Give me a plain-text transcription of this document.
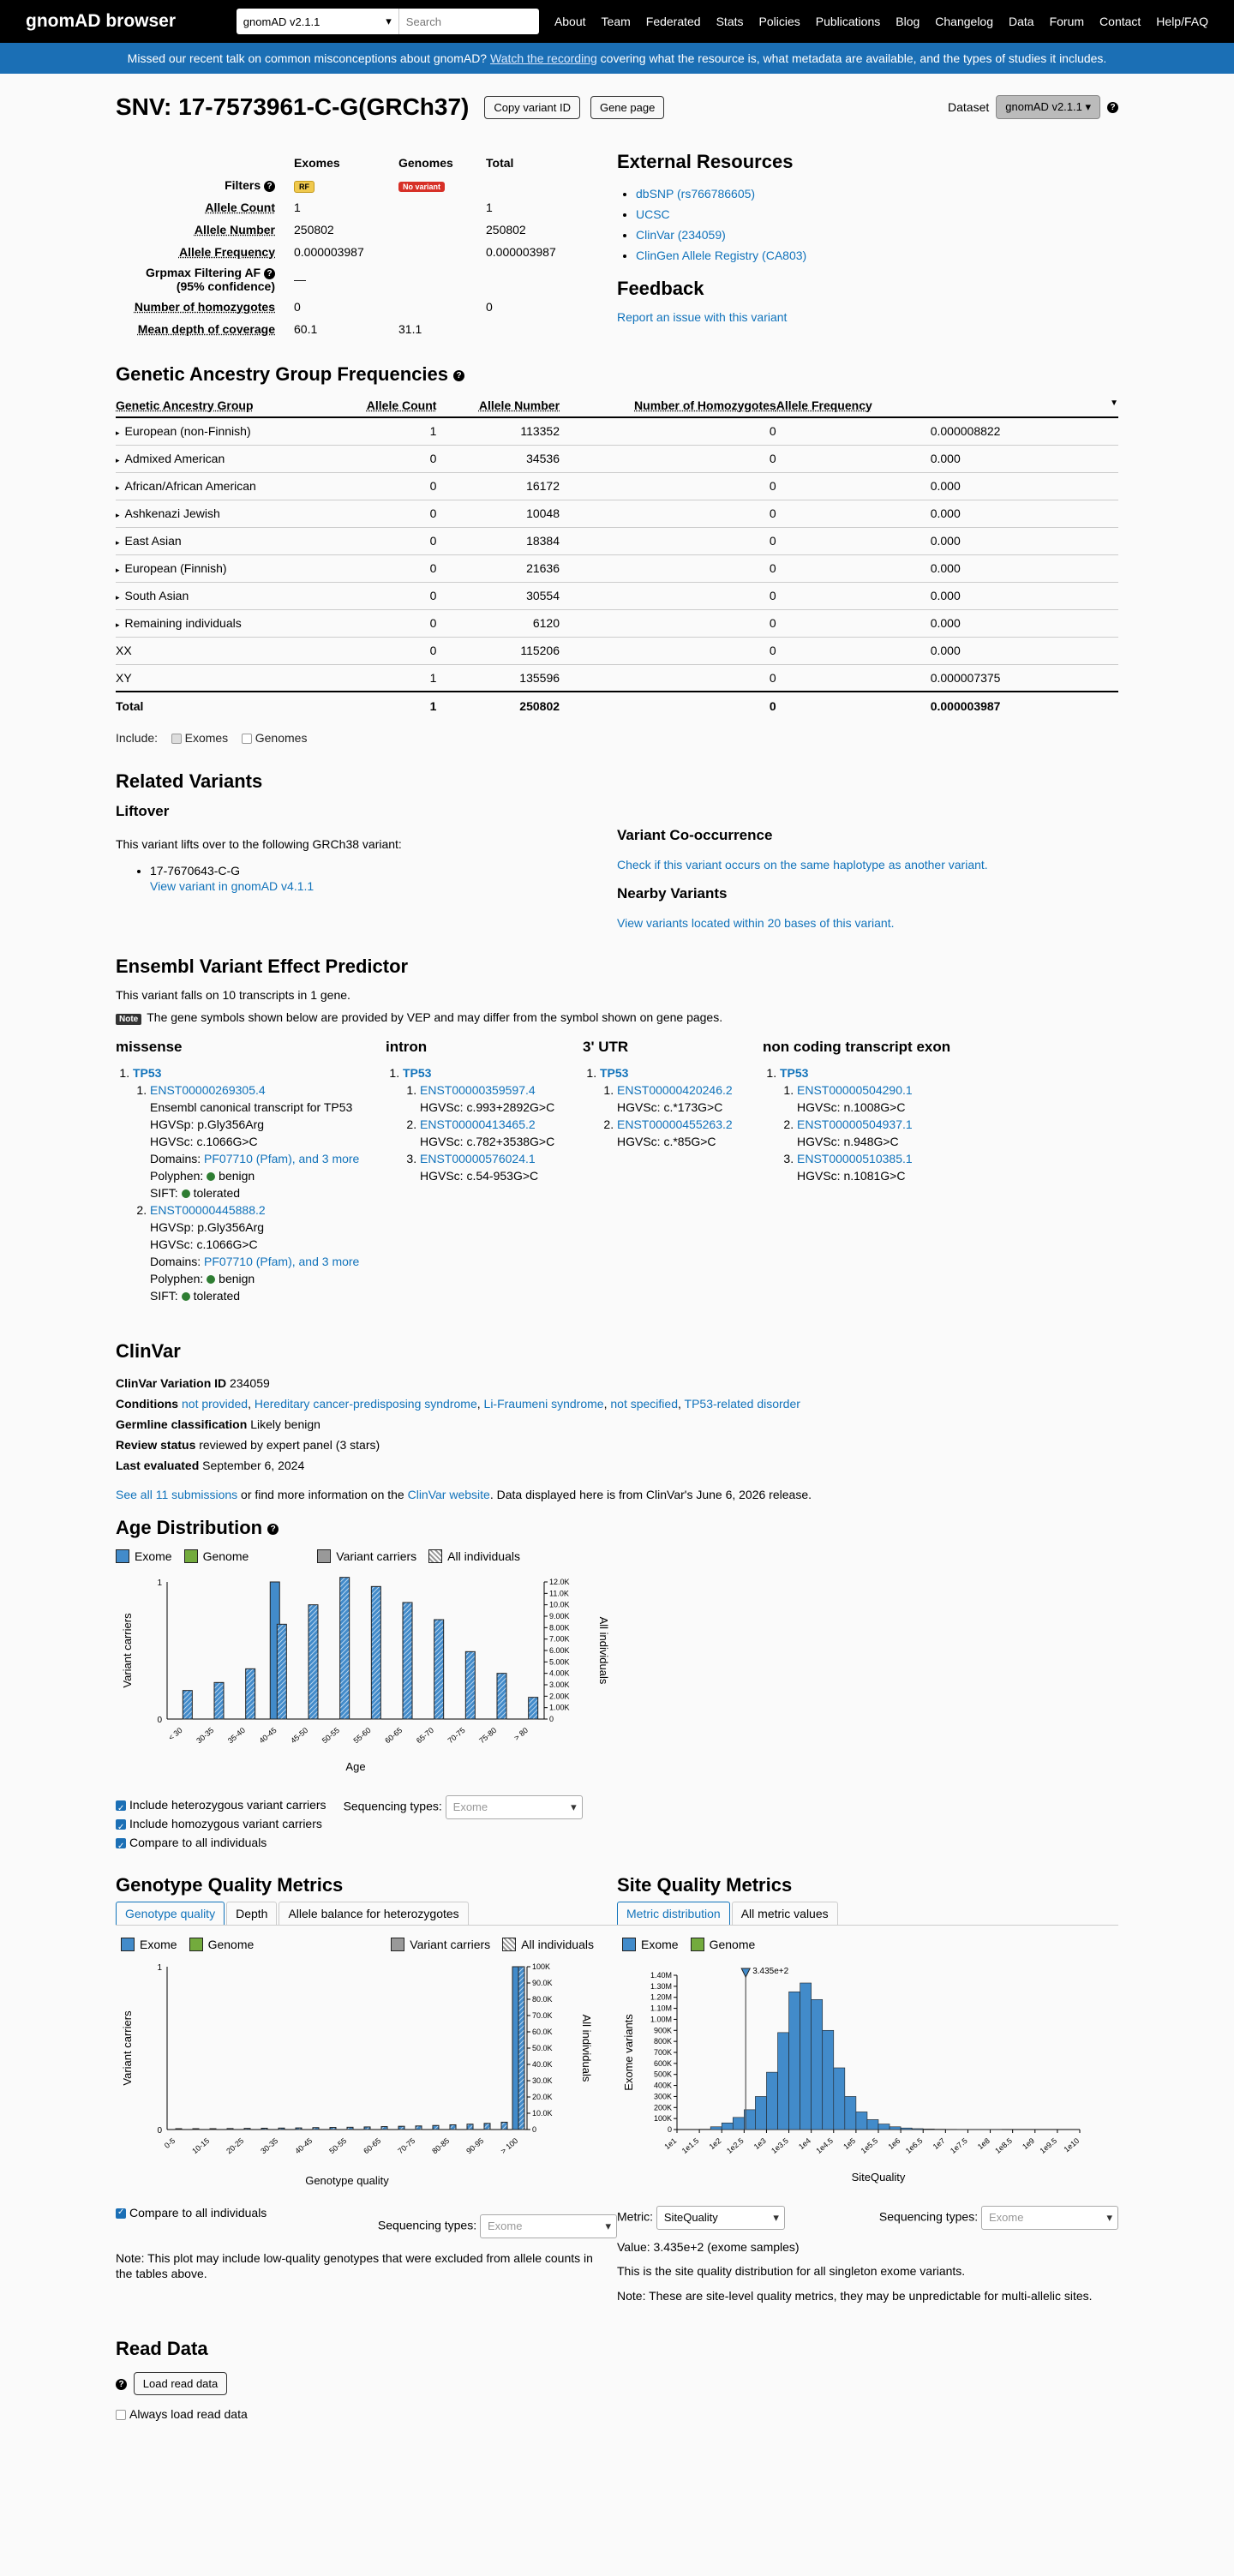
gnomAD browser	gnomAD v2.1.1	▾	Search	About Team Federated Stats Policies Publications Blog Changelog Data Forum Contact Help/FAQ
Missed our recent talk on common misconceptions about gnomAD? Watch the recording covering what the resource is, what metadata are available, and the types of studies it includes.
SNV: 17-7573961-C-G(GRCh37)	Copy variant ID	Gene page	Dataset	gnomAD v2.1.1 ▾	?
	Exomes	Genomes	Total
Filters ?	RF	No variant	
Allele Count	1		1
Allele Number	250802		250802
Allele Frequency	0.000003987		0.000003987
Grpmax Filtering AF ?
(95% confidence)	—		
Number of homozygotes	0		0
Mean depth of coverage	60.1	31.1	
External Resources
• dbSNP (rs766786605)
• UCSC
• ClinVar (234059)
• ClinGen Allele Registry (CA803)
Feedback
Report an issue with this variant
Genetic Ancestry Group Frequencies ?
Genetic Ancestry Group	Allele Count	Allele Number	Number of Homozygotes	Allele Frequency ▼

▸ European (non-Finnish)	1	113352	0	0.000008822
▸ Admixed American	0	34536	0	0.000
▸ African/African American	0	16172	0	0.000
▸ Ashkenazi Jewish	0	10048	0	0.000
▸ East Asian	0	18384	0	0.000
▸ European (Finnish)	0	21636	0	0.000
▸ South Asian	0	30554	0	0.000
▸ Remaining individuals	0	6120	0	0.000
XX	0	115206	0	0.000
XY	1	135596	0	0.000007375
Total	1	250802	0	0.000003987
Include: Exomes Genomes
Related Variants
Liftover

This variant lifts over to the following GRCh38 variant:

• 17-7670643-C-G
View variant in gnomAD v4.1.1
Variant Co-occurrence
Check if this variant occurs on the same haplotype as another variant.
Nearby Variants
View variants located within 20 bases of this variant.
Ensembl Variant Effect Predictor

This variant falls on 10 transcripts in 1 gene.

Note The gene symbols shown below are provided by VEP and may differ from the symbol shown on gene pages.

missense
1. TP53
1. ENST00000269305.4
Ensembl canonical transcript for TP53
HGVSp: p.Gly356Arg
HGVSc: c.1066G>C
Domains: PF07710 (Pfam), and 3 more
Polyphen: benign
SIFT: tolerated
2. ENST00000445888.2
HGVSp: p.Gly356Arg
HGVSc: c.1066G>C
Domains: PF07710 (Pfam), and 3 more
Polyphen: benign
SIFT: tolerated
intron
1. TP53
1. ENST00000359597.4
HGVSc: c.993+2892G>C
2. ENST00000413465.2
HGVSc: c.782+3538G>C
3. ENST00000576024.1
HGVSc: c.54-953G>C
3' UTR
1. TP53
1. ENST00000420246.2
HGVSc: c.*173G>C
2. ENST00000455263.2
HGVSc: c.*85G>C
non coding transcript exon
1. TP53
1. ENST00000504290.1
HGVSc: n.1008G>C
2. ENST00000504937.1
HGVSc: n.948G>C
3. ENST00000510385.1
HGVSc: n.1081G>C
ClinVar

ClinVar Variation ID 234059

Conditions not provided, Hereditary cancer-predisposing syndrome, Li-Fraumeni syndrome, not specified, TP53-related disorder

Germline classification Likely benign

Review status reviewed by expert panel (3 stars)

Last evaluated September 6, 2024

See all 11 submissions or find more information on the ClinVar website. Data displayed here is from ClinVar's June 6, 2026 release.

Age Distribution ?
Exome	Genome	Variant carriers	All individuals
1
0	0
1.00K
2.00K
3.00K
4.00K
5.00K
6.00K
7.00K
8.00K
9.00K
10.0K
11.0K
12.0K
< 30 30-35 35-40 40-45 45-50 50-55 55-60 60-65 65-70 70-75 75-80 > 80
Variant carriers	All individuals
Age
✓Include heterozygous variant carriers
✓Include homozygous variant carriers
✓Compare to all individuals
Sequencing types: Exome ▾
Genotype Quality Metrics
Genotype quality	Depth	Allele balance for heterozygotes
Exome	Genome	Variant carriers	All individuals
1
0	0
10.0K
20.0K
30.0K
40.0K
50.0K
60.0K
70.0K
80.0K
90.0K
100K
0-5 10-15 20-25 30-35 40-45 50-55 60-65 70-75 80-85 90-95 > 100
Variant carriers	All individuals
Genotype quality
✓Compare to all individuals
Sequencing types: Exome ▾

Note: This plot may include low-quality genotypes that were excluded from allele counts in the tables above.

Site Quality Metrics
Metric distribution	All metric values
Exome	Genome
0
100K
200K
300K
400K
500K
600K
700K
800K
900K
1.00M
1.10M
1.20M
1.30M
1.40M
1e1 1e1.5 1e2 1e2.5 1e3 1e3.5 1e4 1e4.5 1e5 1e5.5 1e6 1e6.5 1e7 1e7.5 1e8 1e8.5 1e9 1e9.5 1e10
3.435e+2
Exome variants
SiteQuality
Metric: SiteQuality ▾	Sequencing types: Exome ▾

Value: 3.435e+2 (exome samples)

This is the site quality distribution for all singleton exome variants.

Note: These are site-level quality metrics, they may be unpredictable for multi-allelic sites.

Read Data
? Load read data
Always load read data
